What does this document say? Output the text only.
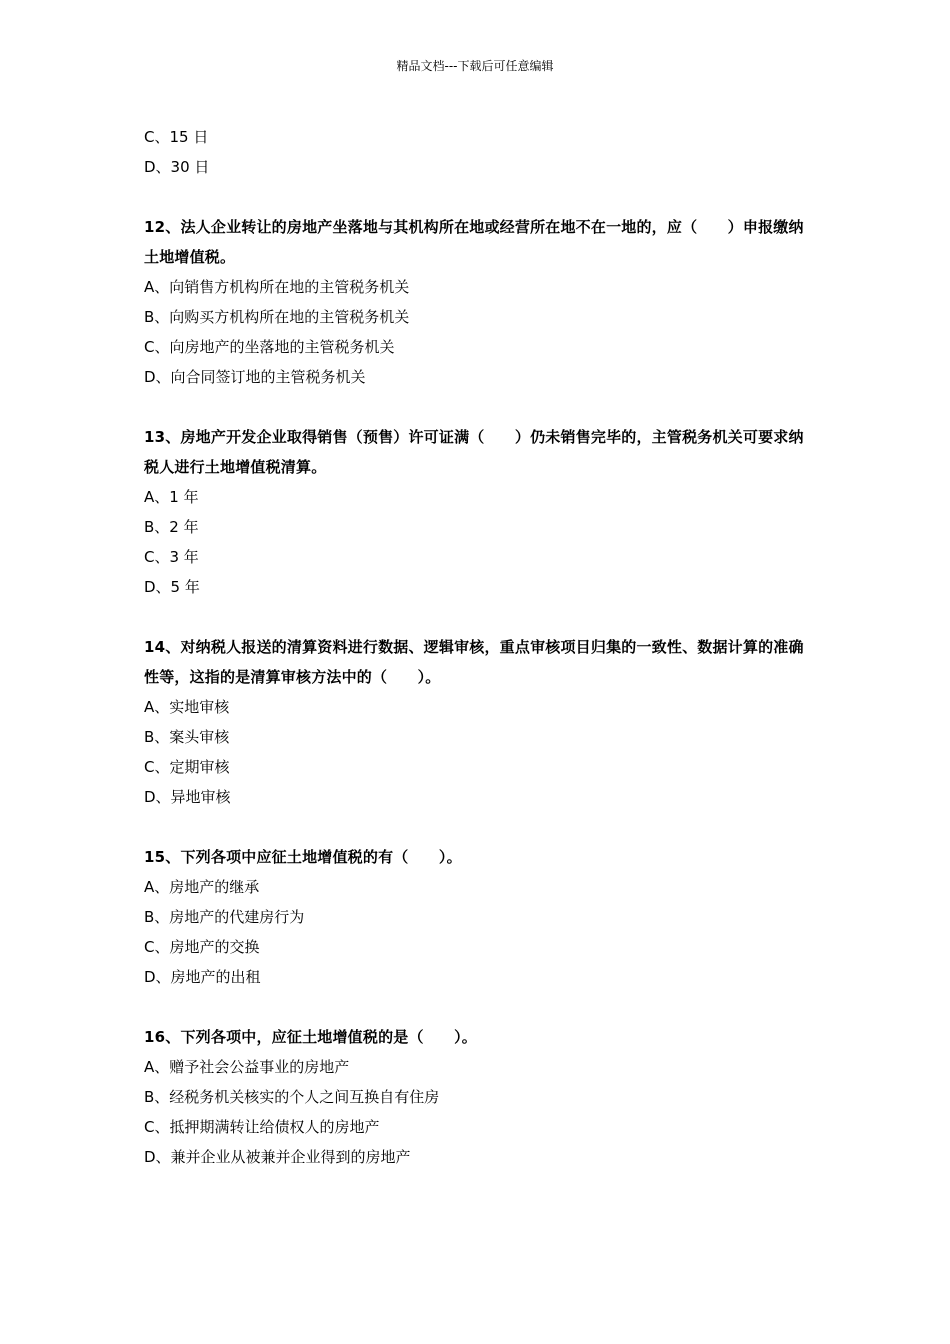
精品文档---下载后可任意编辑
C、15 日
D、30 日
12、法人企业转让的房地产坐落地与其机构所在地或经营所在地不在一地的，应（　　）申报缴纳土地增值税。
A、向销售方机构所在地的主管税务机关
B、向购买方机构所在地的主管税务机关
C、向房地产的坐落地的主管税务机关
D、向合同签订地的主管税务机关
13、房地产开发企业取得销售（预售）许可证满（　　）仍未销售完毕的，主管税务机关可要求纳税人进行土地增值税清算。
A、1 年
B、2 年
C、3 年
D、5 年
14、对纳税人报送的清算资料进行数据、逻辑审核，重点审核项目归集的一致性、数据计算的准确性等，这指的是清算审核方法中的（　　）。
A、实地审核
B、案头审核
C、定期审核
D、异地审核
15、下列各项中应征土地增值税的有（　　）。
A、房地产的继承
B、房地产的代建房行为
C、房地产的交换
D、房地产的出租
16、下列各项中，应征土地增值税的是（　　）。
A、赠予社会公益事业的房地产
B、经税务机关核实的个人之间互换自有住房
C、抵押期满转让给债权人的房地产
D、兼并企业从被兼并企业得到的房地产
